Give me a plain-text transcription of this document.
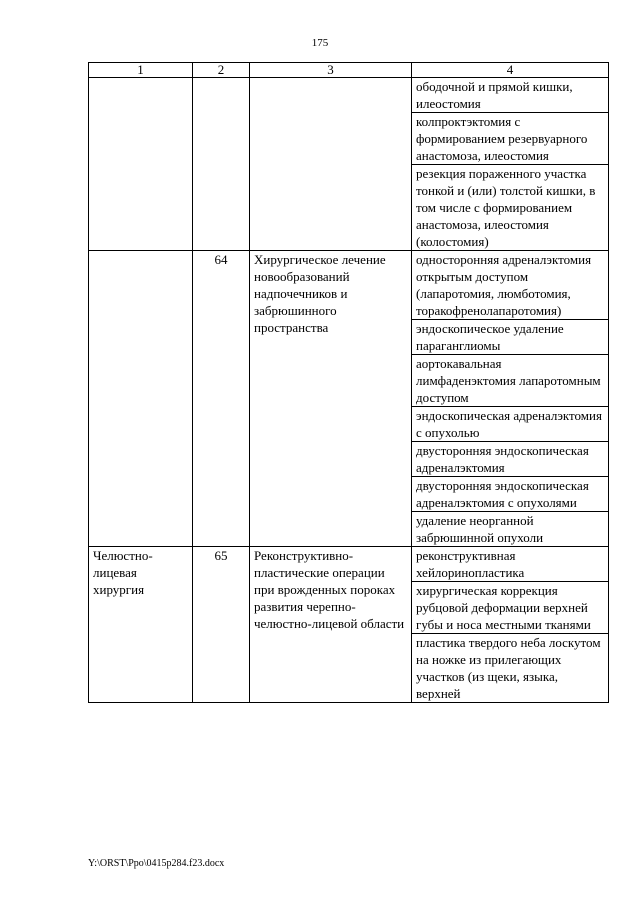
175
1	2	3	4
			ободочной и прямой кишки, илеостомия
			колпроктэктомия с формированием резервуарного анастомоза, илеостомия
			резекция пораженного участка тонкой и (или) толстой кишки, в том числе с формированием анастомоза, илеостомия (колостомия)
	64	Хирургическое лечение новообразований надпочечников и забрюшинного пространства	односторонняя адреналэктомия открытым доступом (лапаротомия, люмботомия, торакофренолапаротомия)
			эндоскопическое удаление параганглиомы
			аортокавальная лимфаденэктомия лапаротомным доступом
			эндоскопическая адреналэктомия с опухолью
			двусторонняя эндоскопическая адреналэктомия
			двусторонняя эндоскопическая адреналэктомия с опухолями
			удаление неорганной забрюшинной опухоли
Челюстно-лицевая хирургия	65	Реконструктивно-пластические операции при врожденных пороках развития черепно-челюстно-лицевой области	реконструктивная хейлоринопластика
			хирургическая коррекция рубцовой деформации верхней губы и носа местными тканями
			пластика твердого неба лоскутом на ножке из прилегающих участков (из щеки, языка, верхней
Y:\ORST\Ppo\0415p284.f23.docx
